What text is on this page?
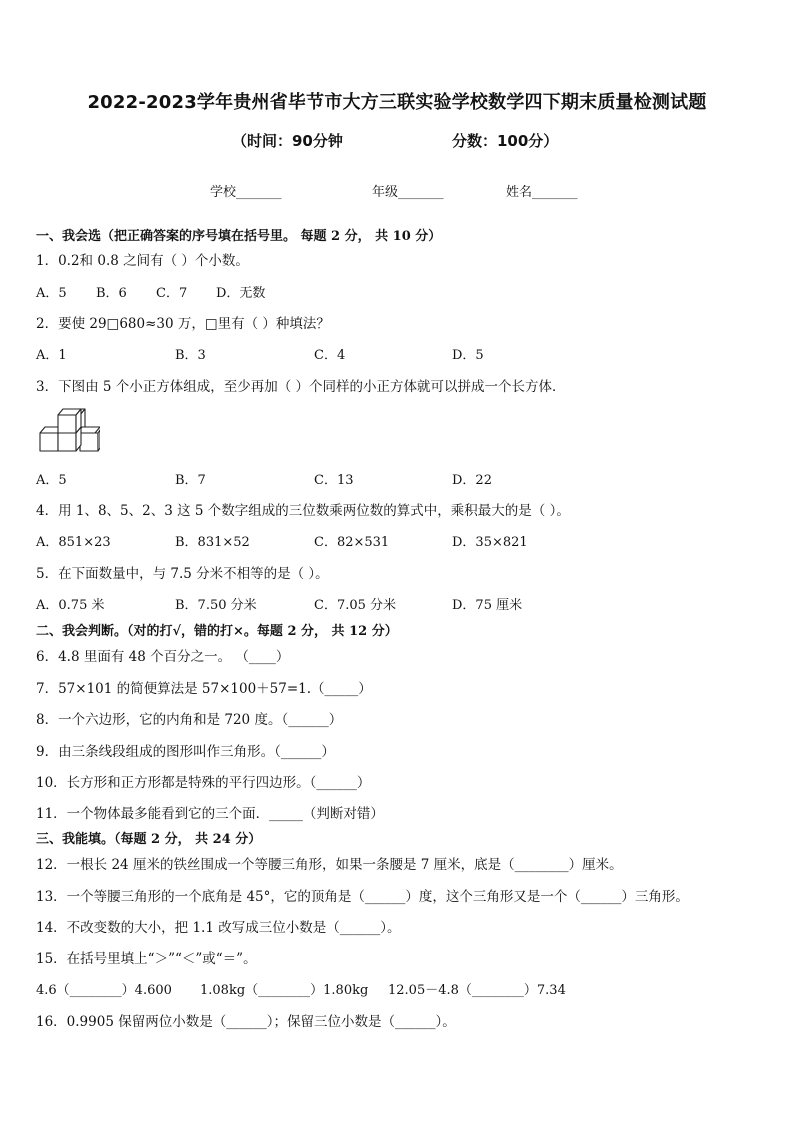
2022-2023学年贵州省毕节市大方三联实验学校数学四下期末质量检测试题
（时间：90分钟	分数：100分）
学校_______	年级_______	姓名_______
一、我会选（把正确答案的序号填在括号里。 每题 2 分， 共 10 分）
1．0.2和 0.8 之间有（ ）个小数。
A．5 B．6 C．7 D．无数
2．要使 29□680≈30 万，□里有（ ）种填法？
A．1	B．3	C．4	D．5
3．下图由 5 个小正方体组成，至少再加（ ）个同样的小正方体就可以拼成一个长方体．
A．5	B．7	C．13	D．22
4．用 1、8、5、2、3 这 5 个数字组成的三位数乘两位数的算式中，乘积最大的是（ ）。
A．851×23	B．831×52	C．82×531	D．35×821
5．在下面数量中，与 7.5 分米不相等的是（ ）。
A．0.75 米	B．7.50 分米	C．7.05 分米	D．75 厘米
二、我会判断。（对的打√，错的打×。每题 2 分， 共 12 分）
6．4.8 里面有 48 个百分之一。 （____）
7．57×101 的简便算法是 57×100＋57=1.（_____）
8．一个六边形，它的内角和是 720 度。（______）
9．由三条线段组成的图形叫作三角形。（______）
10．长方形和正方形都是特殊的平行四边形。（______）
11．一个物体最多能看到它的三个面．_____（判断对错）
三、我能填。（每题 2 分， 共 24 分）
12．一根长 24 厘米的铁丝围成一个等腰三角形，如果一条腰是 7 厘米，底是（________）厘米。
13．一个等腰三角形的一个底角是 45°，它的顶角是（______）度，这个三角形又是一个（______）三角形。
14．不改变数的大小，把 1.1 改写成三位小数是（______）。
15．在括号里填上“＞”“＜”或“＝”。
4.6（________）4.600 1.08kg（________）1.80kg 12.05－4.8（________）7.34
16．0.9905 保留两位小数是（______）；保留三位小数是（______）。
